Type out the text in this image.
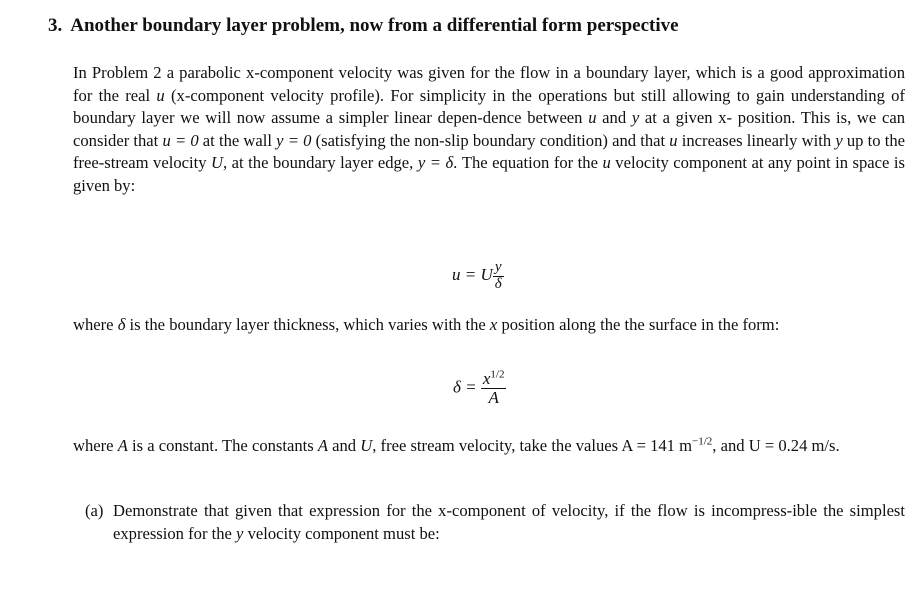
3. Another boundary layer problem, now from a differential form perspective
In Problem 2 a parabolic x-component velocity was given for the flow in a boundary layer, which is a good approximation for the real u (x-component velocity profile). For simplicity in the operations but still allowing to gain understanding of boundary layer we will now assume a simpler linear depen-dence between u and y at a given x- position. This is, we can consider that u = 0 at the wall y = 0 (satisfying the non-slip boundary condition) and that u increases linearly with y up to the free-stream velocity U, at the boundary layer edge, y = δ. The equation for the u velocity component at any point in space is given by:
u = U $\frac{y}{\delta}$
where δ is the boundary layer thickness, which varies with the x position along the the surface in the form:
$\delta = \frac{x^{1/2}}{A}$
where A is a constant. The constants A and U, free stream velocity, take the values A = 141 $m^{-1/2}$, and U = 0.24 m/s.
(a) Demonstrate that given that expression for the x-component of velocity, if the flow is incompress-ible the simplest expression for the y velocity component must be:
